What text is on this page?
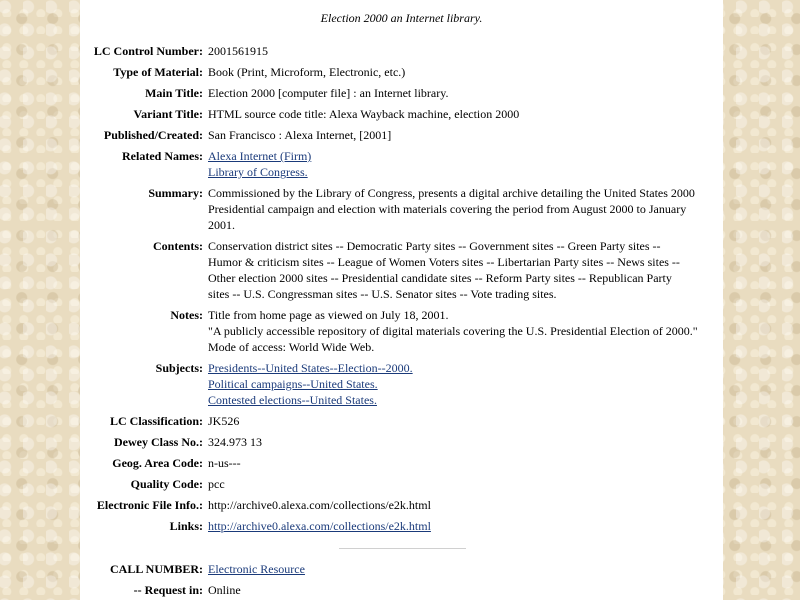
Election 2000 an Internet library.
LC Control Number:	2001561915
Type of Material:	Book (Print, Microform, Electronic, etc.)
Main Title:	Election 2000 [computer file] : an Internet library.
Variant Title:	HTML source code title: Alexa Wayback machine, election 2000
Published/Created:	San Francisco : Alexa Internet, [2001]
Related Names:	Alexa Internet (Firm)
Library of Congress.

Summary:	Commissioned by the Library of Congress, presents a digital archive detailing the United States 2000
Presidential campaign and election with materials covering the period from August 2000 to January
2001.

Contents:	Conservation district sites -- Democratic Party sites -- Government sites -- Green Party sites --
Humor & criticism sites -- League of Women Voters sites -- Libertarian Party sites -- News sites --
Other election 2000 sites -- Presidential candidate sites -- Reform Party sites -- Republican Party
sites -- U.S. Congressman sites -- U.S. Senator sites -- Vote trading sites.

Notes:	Title from home page as viewed on July 18, 2001.
"A publicly accessible repository of digital materials covering the U.S. Presidential Election of 2000."
Mode of access: World Wide Web.

Subjects:	Presidents--United States--Election--2000.
Political campaigns--United States.
Contested elections--United States.

LC Classification:	JK526
Dewey Class No.:	324.973 13
Geog. Area Code:	n-us---
Quality Code:	pcc
Electronic File Info.:	http://archive0.alexa.com/collections/e2k.html
Links:	http://archive0.alexa.com/collections/e2k.html
CALL NUMBER:	Electronic Resource

-- Request in:	Online
